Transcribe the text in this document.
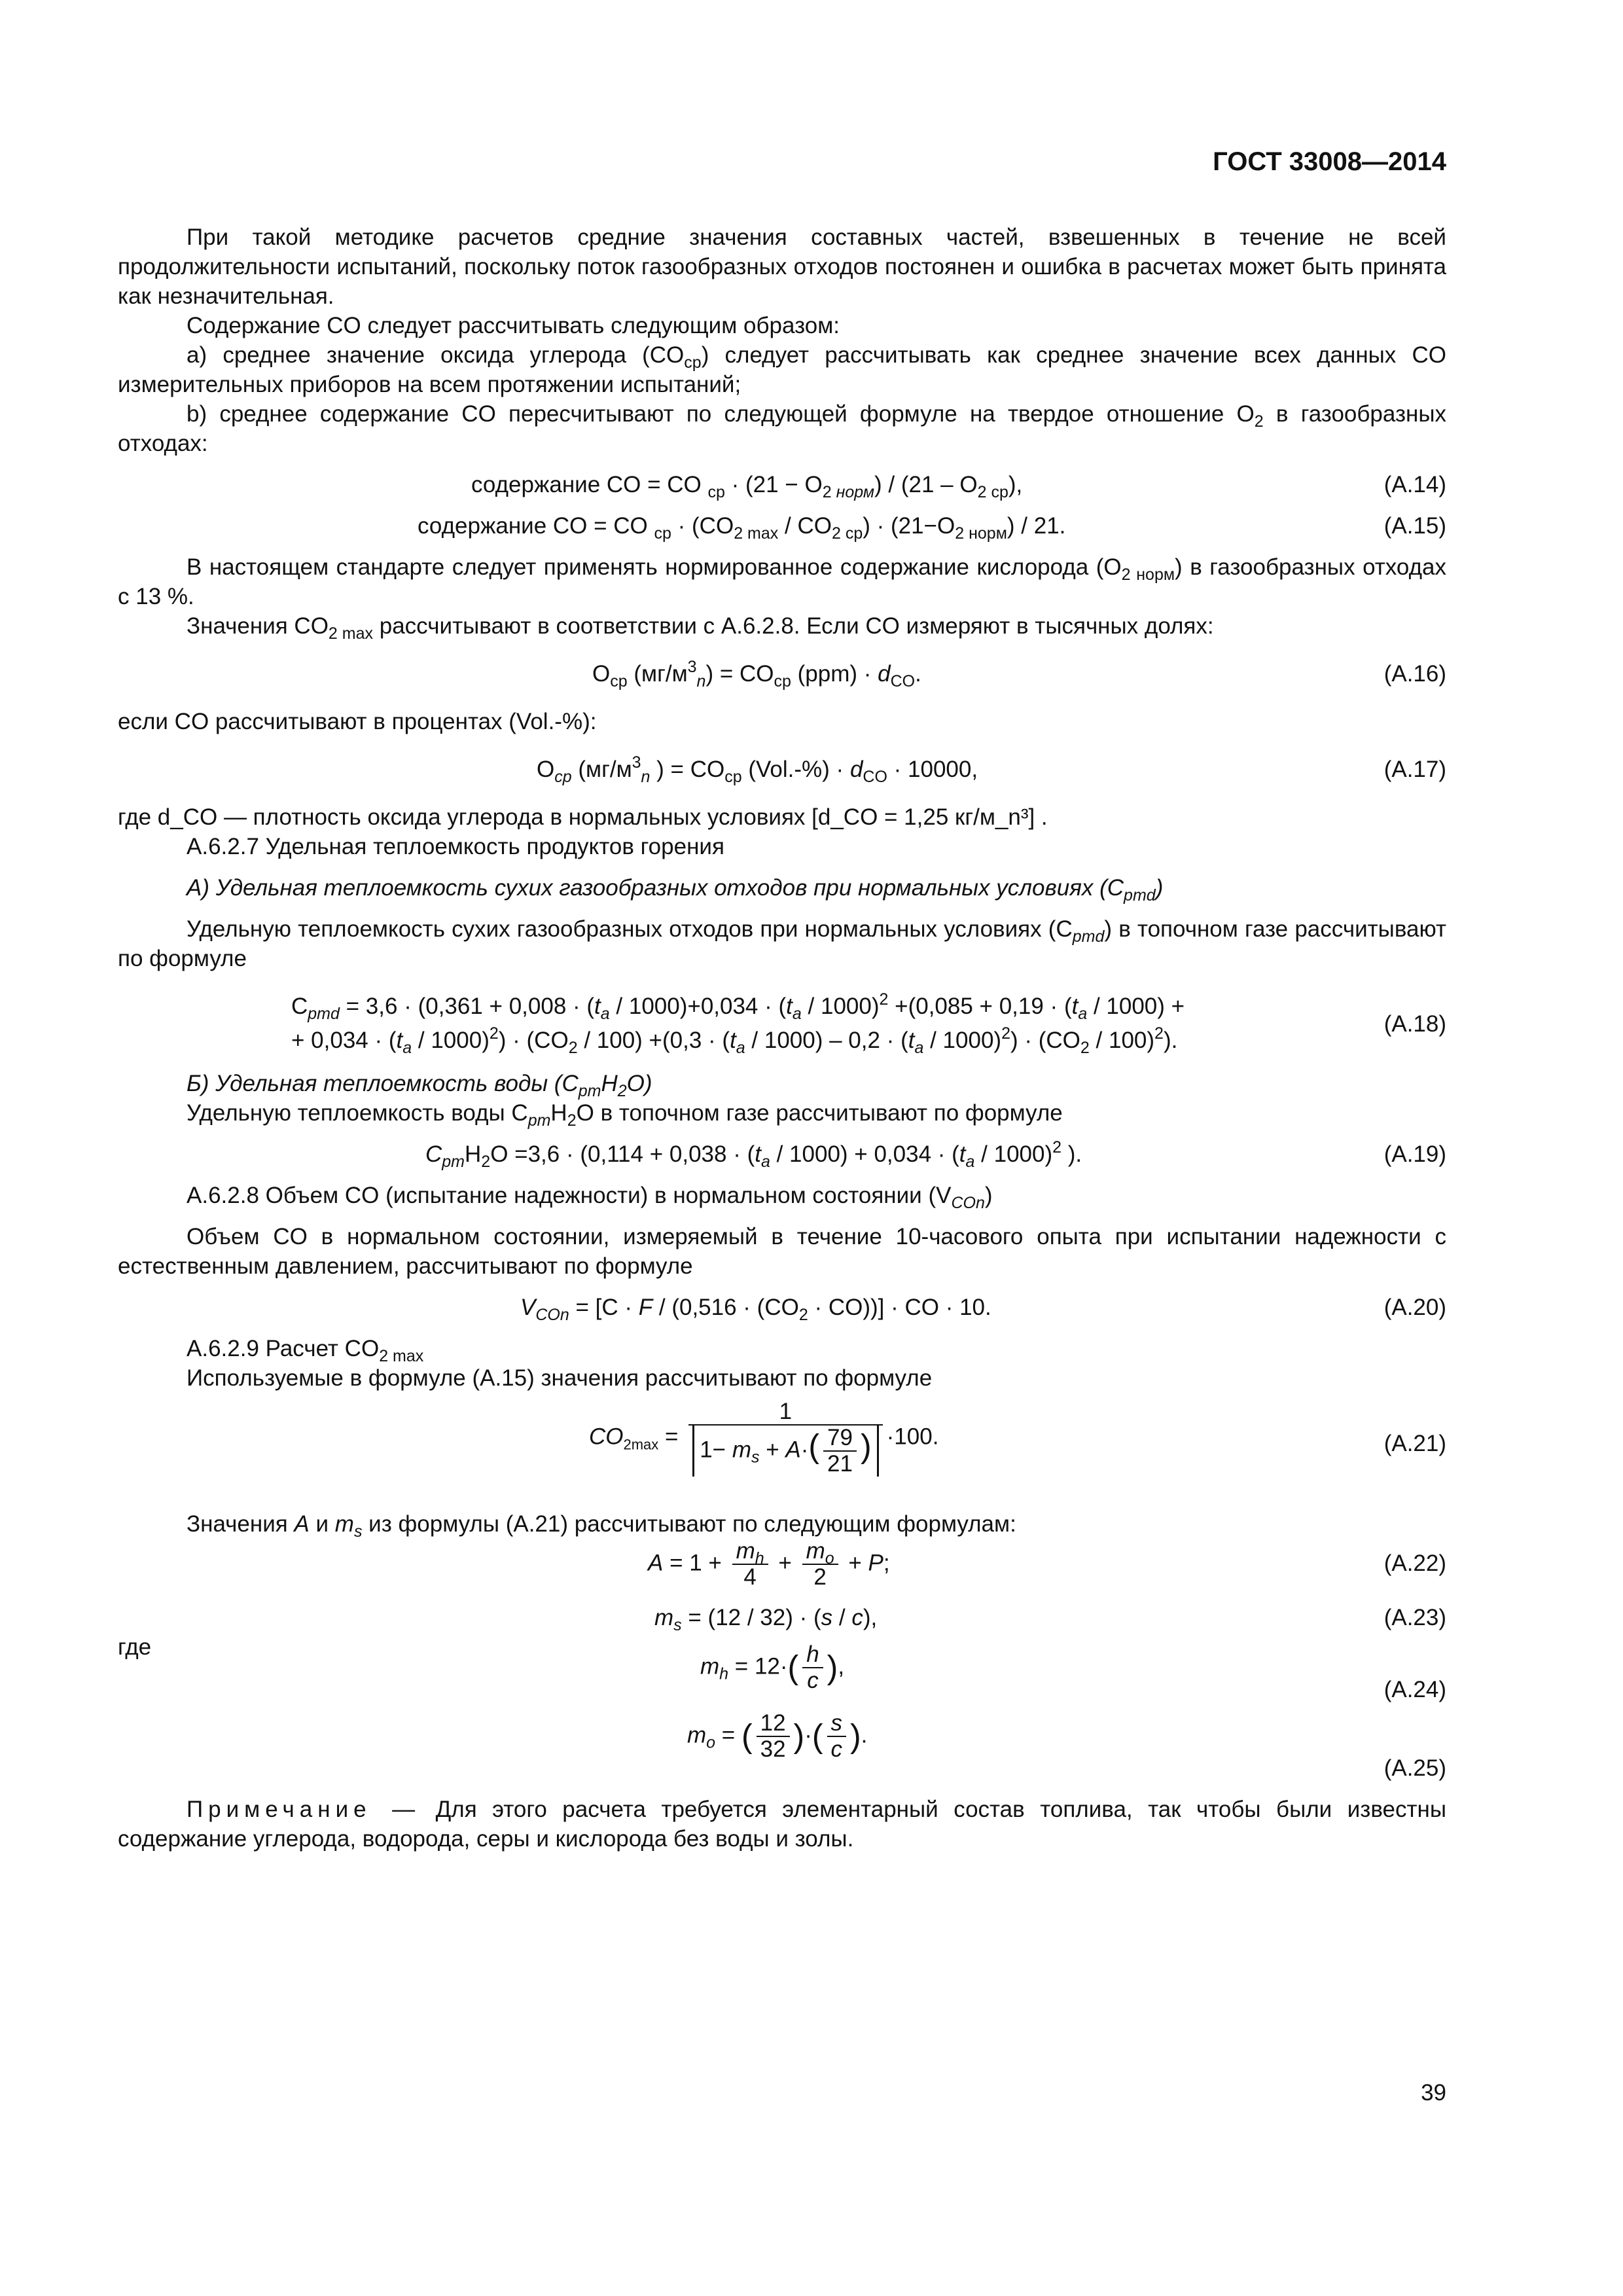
ГОСТ 33008—2014

При такой методике расчетов средние значения составных частей, взвешенных в течение не всей продолжительности испытаний, поскольку поток газообразных отходов постоянен и ошибка в расчетах может быть принята как незначительная.

Содержание CO следует рассчитывать следующим образом:

а) среднее значение оксида углерода $(CO_{ср})$ следует рассчитывать как среднее значение всех данных CO измерительных приборов на всем протяжении испытаний;

b) среднее содержание CO пересчитывают по следующей формуле на твердое отношение $O_2$ в газообразных отходах:

содержание CO = CO $_{ср} \cdot (21 - O_{2 норм}) / (21 - O_{2 ср})$,	(A.14)
содержание CO = CO $_{ср} \cdot (CO_{2 max} / CO_{2 ср}) \cdot (21-O_{2 норм}) / 21$.	(A.15)

В настоящем стандарте следует применять нормированное содержание кислорода $(O_{2 норм})$ в газообразных отходах с 13 %.

Значения $CO_{2 max}$ рассчитывают в соответствии с A.6.2.8. Если CO измеряют в тысячных долях:

$O_{ср}$ $(мг/м^3_n) = CO_{ср}$ $(ppm) \cdot d_{CO}$.	(A.16)

если CO рассчитывают в процентах (Vol.-%):

$O_{ср}$ ($мг/м^3_n$ ) = $CO_{ср}$ $(Vol.-\%) \cdot d_{CO} \cdot 10000$,	(A.17)

где d_CO — плотность оксида углерода в нормальных условиях [d_CO = 1,25 кг/м_n³] .

A.6.2.7 Удельная теплоемкость продуктов горения

А) Удельная теплоемкость сухих газообразных отходов при нормальных условиях $(C_{pmd})$

Удельную теплоемкость сухих газообразных отходов при нормальных условиях $(C_{pmd})$ в топочном газе рассчитывают по формуле

$C_{pmd} = 3,6 \cdot (0,361 + 0,008 \cdot (t_a / 1000)+0,034 \cdot (t_a / 1000)^2 +(0,085 + 0,19 \cdot (t_a / 1000)$ +
+ $0,034 \cdot (t_a / 1000)^2) \cdot (CO_2 / 100) +(0,3 \cdot (t_a / 1000) - 0,2 \cdot (t_a / 1000)^2) \cdot (CO_2 / 100)^2$).
(A.18)

Б) Удельная теплоемкость воды $(C_{pm}H_2O)$

Удельную теплоемкость воды $C_{pm}H_2O$ в топочном газе рассчитывают по формуле

$C_{pm}H_2O =3,6 \cdot (0,114 + 0,038 \cdot (t_a / 1000) + 0,034 \cdot (t_a / 1000)^2$ ).	(A.19)

A.6.2.8 Объем CO (испытание надежности) в нормальном состоянии $(V_{COn})$

Объем CO в нормальном состоянии, измеряемый в течение 10-часового опыта при испытании надежности с естественным давлением, рассчитывают по формуле

$V_{COn} = [C \cdot F / (0,516 \cdot (CO_2 \cdot CO))]$ · CO · 10.	(A.20)

A.6.2.9 Расчет $CO_{2 max}$

Используемые в формуле (A.15) значения рассчитывают по формуле

$CO_{2max} = \frac{1}{1- m_s + A\cdot( \frac{79}{21} )} \cdot 100$.	(A.21)

Значения A и $m_s$ из формулы (A.21) рассчитывают по следующим формулам:

$A = 1 + \frac{m_h}{4} + \frac{m_o}{2} + P$;	(A.22)
$m_s = (12 / 32) \cdot (s / c)$,	(A.23)
где
$m_h = 12\cdot( \frac{h}{c}$ ),
(A.24)
$m_o$ = ( $\frac{12}{32}$ )·( $\frac{s}{c}$ ).
(A.25)

Примечание — Для этого расчета требуется элементарный состав топлива, так чтобы были известны содержание углерода, водорода, серы и кислорода без воды и золы.

39
